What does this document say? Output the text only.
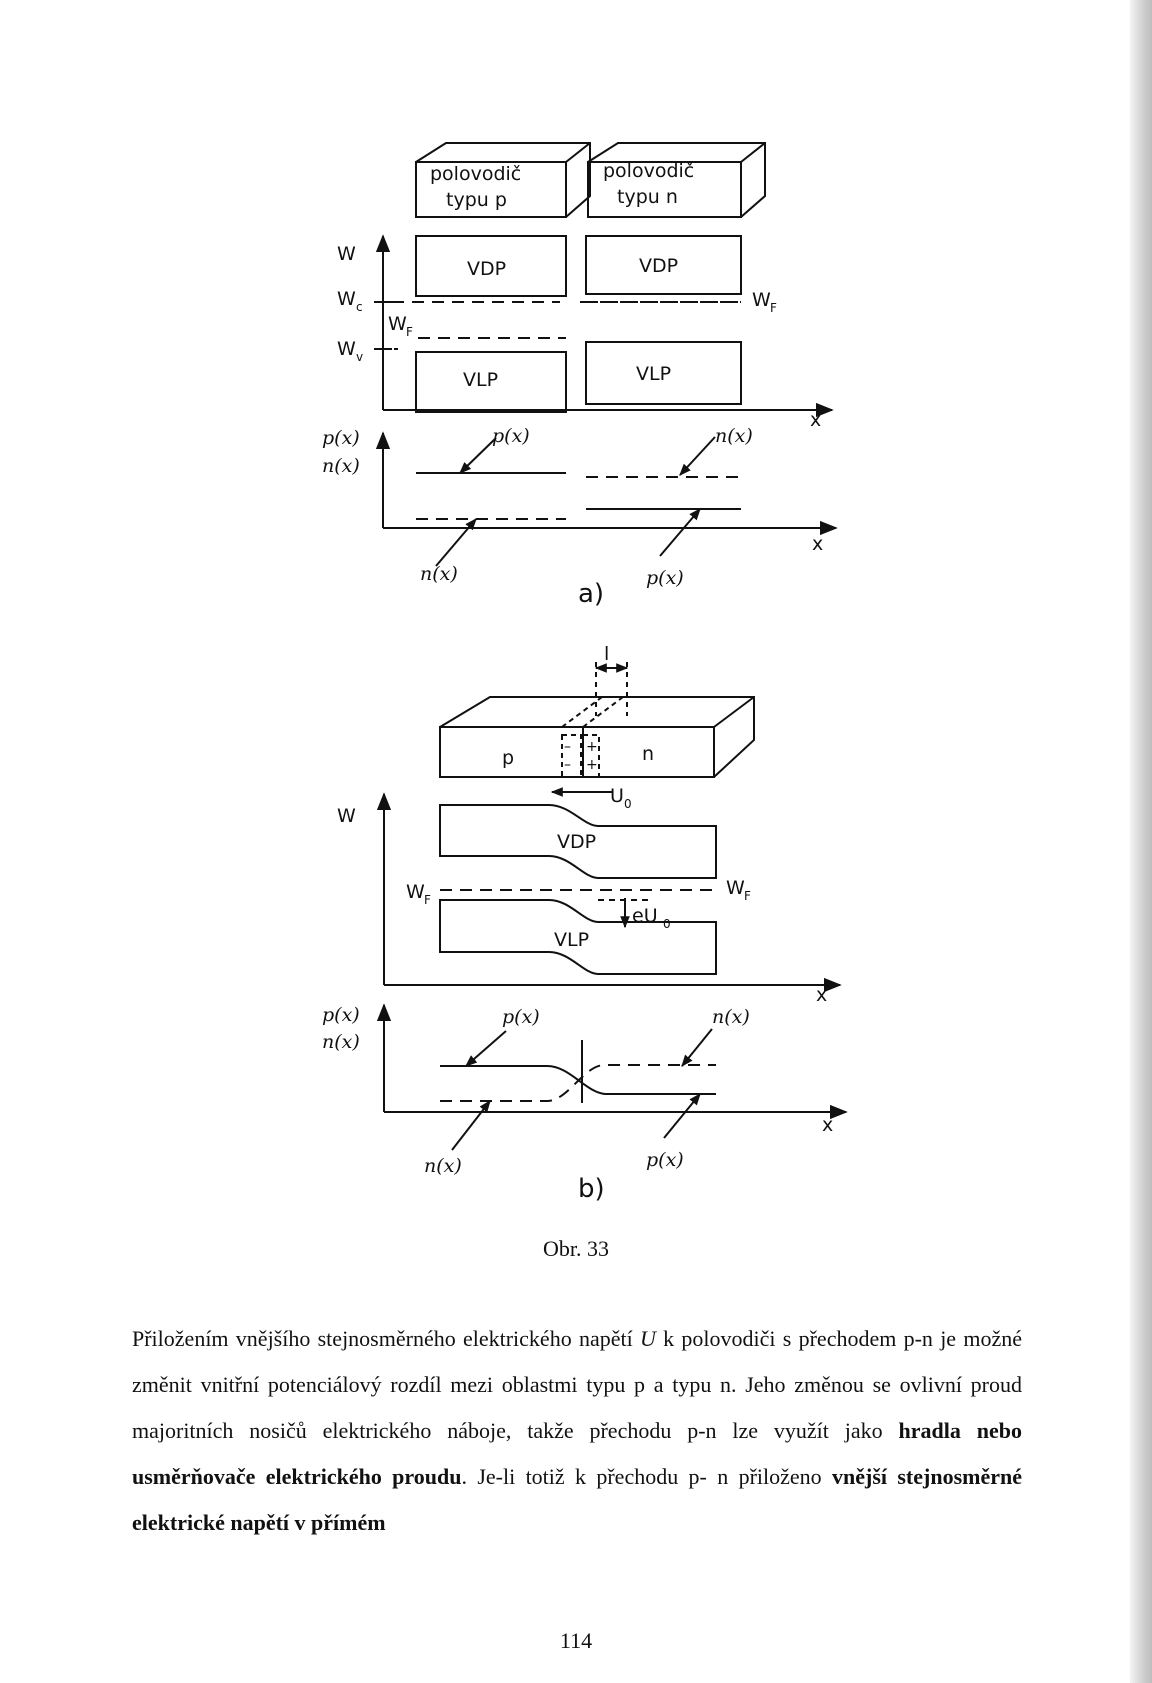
–
–
+
+
polovodič
typu p
polovodič
typu n
W
W c
W v
W F
W F
VDP	VDP
VLP	VLP
x
x
p(x)
n(x)
p(x)	n(x)
n(x)	p(x)
a)
l
p	n
U 0
W
VDP
VLP
W F
W F
eU 0
x
x
p(x)
n(x)
p(x)	n(x)
n(x)	p(x)
b)

Obr. 33

Přiložením vnějšího stejnosměrného elektrického napětí U k polovodiči s přechodem p-n je možné změnit vnitřní potenciálový rozdíl mezi oblastmi typu p a typu n. Jeho změnou se ovlivní proud majoritních nosičů elektrického náboje, takže přechodu p-n lze využít jako hradla nebo usměrňovače elektrického proudu. Je-li totiž k přechodu p- n přiloženo vnější stejnosměrné elektrické napětí v přímém

114
